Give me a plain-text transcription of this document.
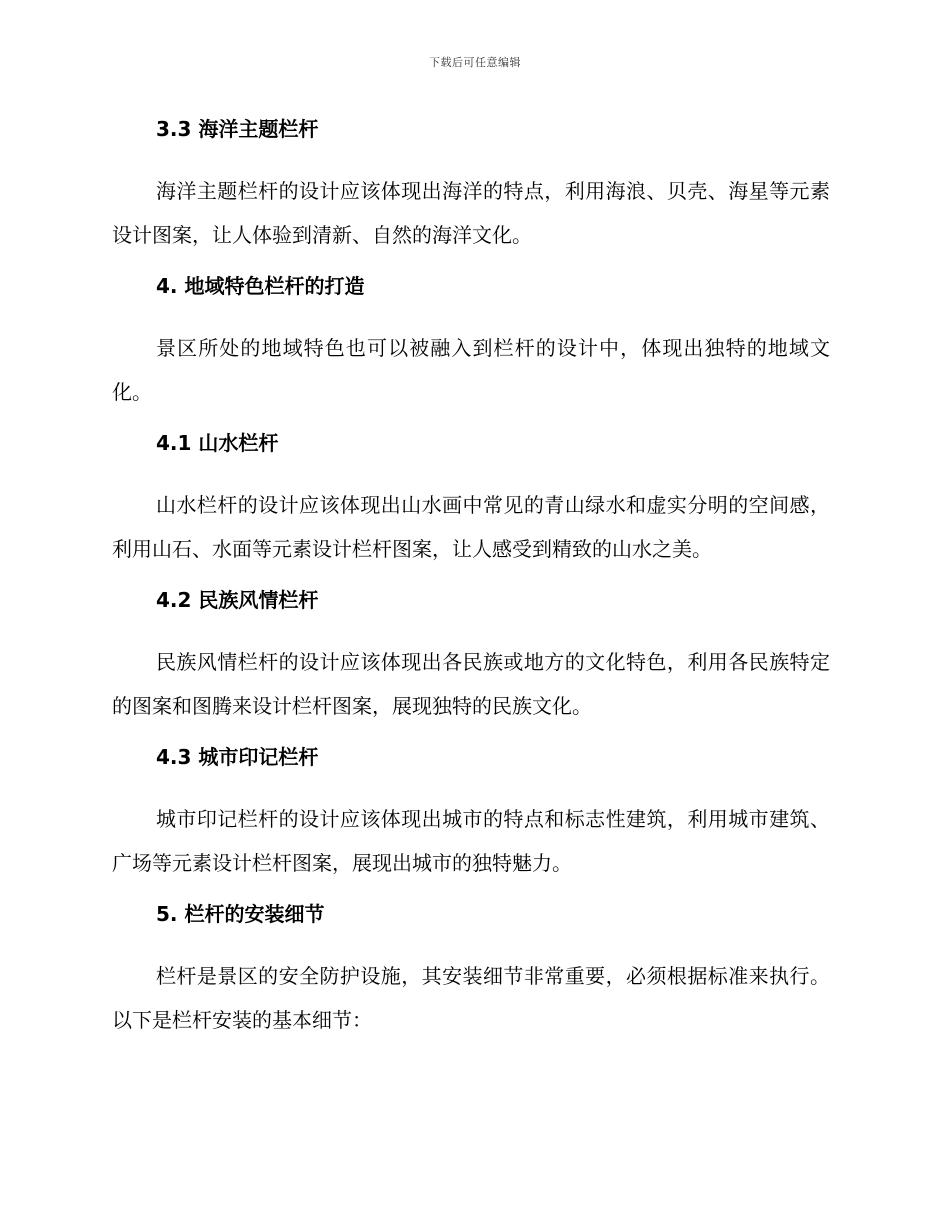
下载后可任意编辑
3.3 海洋主题栏杆

海洋主题栏杆的设计应该体现出海洋的特点，利用海浪、贝壳、海星等元素设计图案，让人体验到清新、自然的海洋文化。

4. 地域特色栏杆的打造

景区所处的地域特色也可以被融入到栏杆的设计中，体现出独特的地域文化。

4.1 山水栏杆

山水栏杆的设计应该体现出山水画中常见的青山绿水和虚实分明的空间感，利用山石、水面等元素设计栏杆图案，让人感受到精致的山水之美。

4.2 民族风情栏杆

民族风情栏杆的设计应该体现出各民族或地方的文化特色，利用各民族特定的图案和图腾来设计栏杆图案，展现独特的民族文化。

4.3 城市印记栏杆

城市印记栏杆的设计应该体现出城市的特点和标志性建筑，利用城市建筑、广场等元素设计栏杆图案，展现出城市的独特魅力。

5. 栏杆的安装细节

栏杆是景区的安全防护设施，其安装细节非常重要，必须根据标准来执行。以下是栏杆安装的基本细节：
